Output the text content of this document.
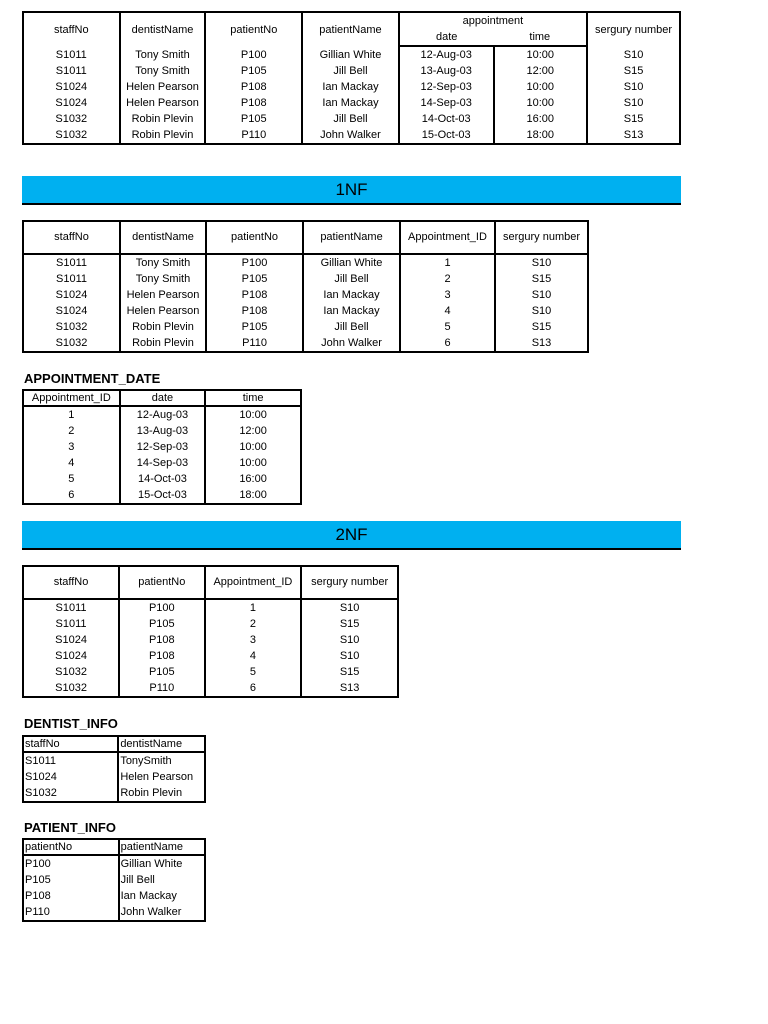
staffNo	dentistName	patientNo	patientName	appointment		sergury number
				date	time	
S1011	Tony Smith	P100	Gillian White	12-Aug-03	10:00	S10
S1011	Tony Smith	P105	Jill Bell	13-Aug-03	12:00	S15
S1024	Helen Pearson	P108	Ian Mackay	12-Sep-03	10:00	S10
S1024	Helen Pearson	P108	Ian Mackay	14-Sep-03	10:00	S10
S1032	Robin Plevin	P105	Jill Bell	14-Oct-03	16:00	S15
S1032	Robin Plevin	P110	John Walker	15-Oct-03	18:00	S13
1NF
staffNo	dentistName	patientNo	patientName	Appointment_ID	sergury number
S1011	Tony Smith	P100	Gillian White	1	S10
S1011	Tony Smith	P105	Jill Bell	2	S15
S1024	Helen Pearson	P108	Ian Mackay	3	S10
S1024	Helen Pearson	P108	Ian Mackay	4	S10
S1032	Robin Plevin	P105	Jill Bell	5	S15
S1032	Robin Plevin	P110	John Walker	6	S13
APPOINTMENT_DATE
Appointment_ID	date	time
1	12-Aug-03	10:00
2	13-Aug-03	12:00
3	12-Sep-03	10:00
4	14-Sep-03	10:00
5	14-Oct-03	16:00
6	15-Oct-03	18:00
2NF
staffNo	patientNo	Appointment_ID	sergury number
S1011	P100	1	S10
S1011	P105	2	S15
S1024	P108	3	S10
S1024	P108	4	S10
S1032	P105	5	S15
S1032	P110	6	S13
DENTIST_INFO
staffNo	dentistName
S1011	TonySmith
S1024	Helen Pearson
S1032	Robin Plevin
PATIENT_INFO
patientNo	patientName
P100	Gillian White
P105	Jill Bell
P108	Ian Mackay
P110	John Walker
